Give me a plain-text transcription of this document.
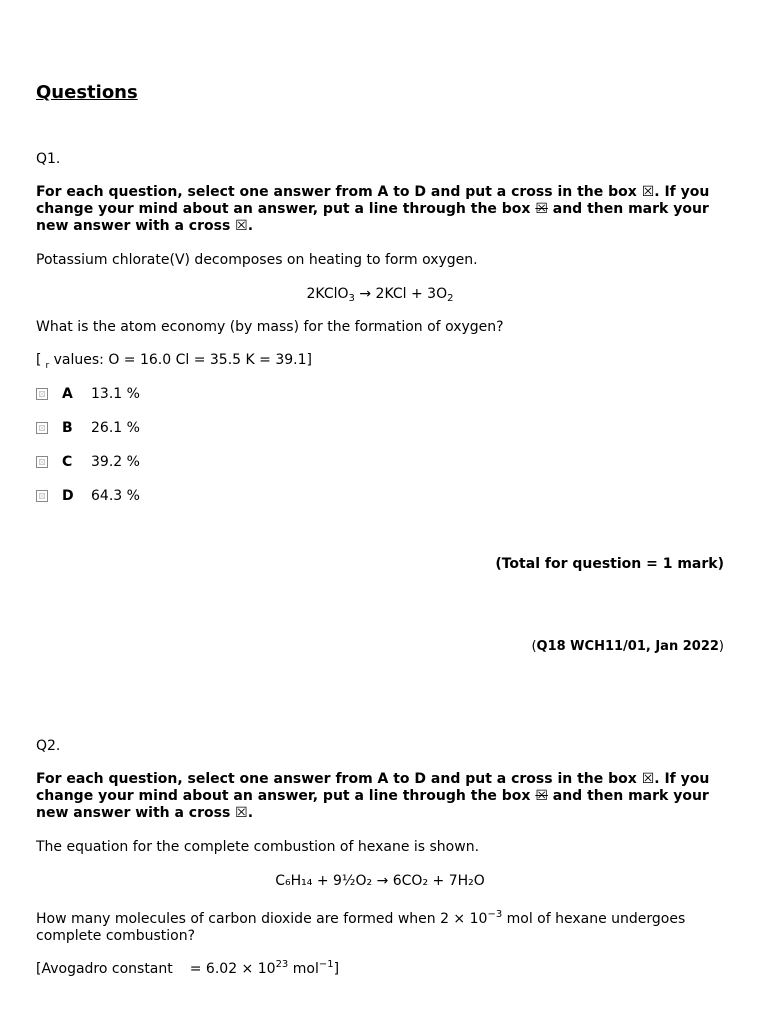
Questions
Q1.
For each question, select one answer from A to D and put a cross in the box ☒. If you change your mind about an answer, put a line through the box ☒ and then mark your new answer with a cross ☒.
Potassium chlorate(V) decomposes on heating to form oxygen.
2KClO$_3$ → $2KCl + 3O_2$
What is the atom economy (by mass) for the formation of oxygen?
[ $_r$ values: O = 16.0 Cl = 35.5 K = 39.1]
A	13.1 %
B	26.1 %
C	39.2 %
D	64.3 %
(Total for question = 1 mark)
(Q18 WCH11/01, Jan 2022)
Q2.
For each question, select one answer from A to D and put a cross in the box ☒. If you change your mind about an answer, put a line through the box ☒ and then mark your new answer with a cross ☒.
The equation for the complete combustion of hexane is shown.
C₆H₁₄ + 9½O₂ → 6CO₂ + 7H₂O
How many molecules of carbon dioxide are formed when $2 \times 10^{-3}$ mol of hexane undergoes complete combustion?
[Avogadro constant = $6.02 \times 10^{23}$ mol$^{-1}$]
